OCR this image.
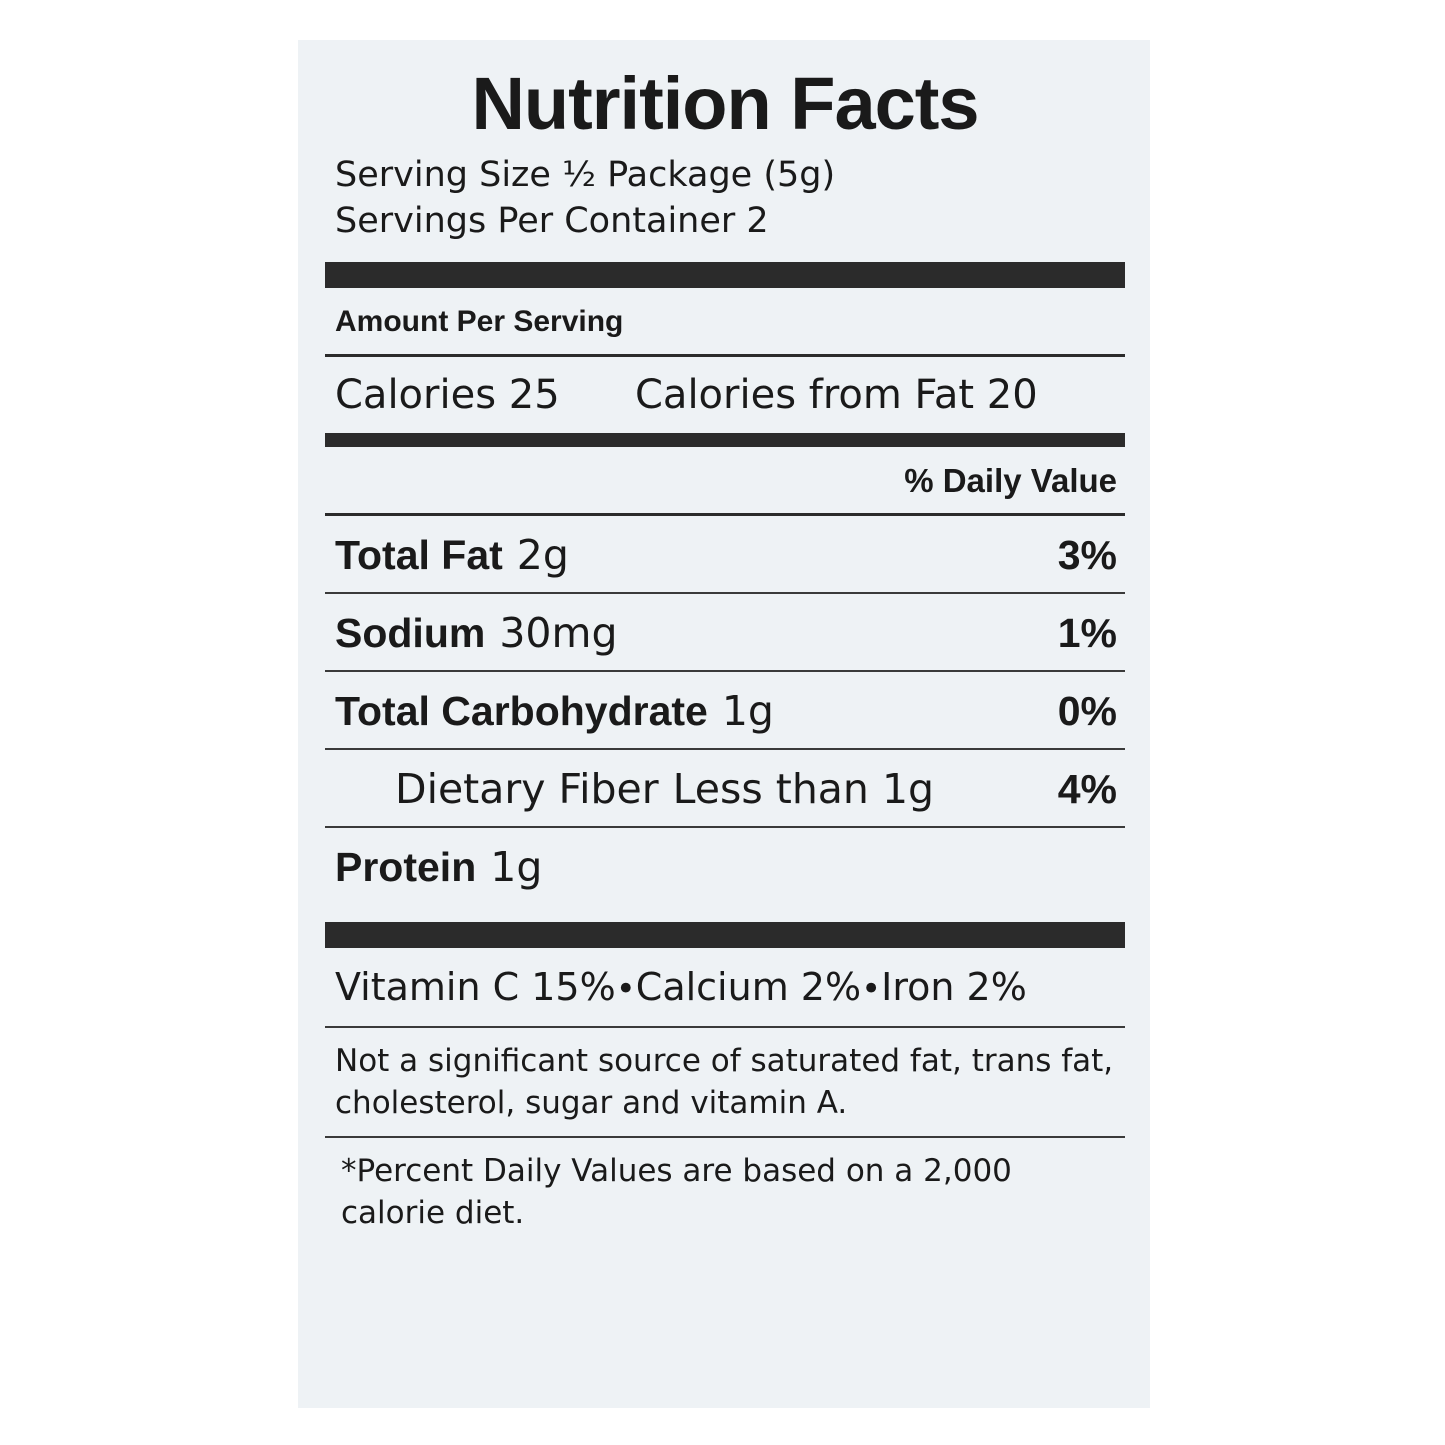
Nutrition Facts
Serving Size ½ Package (5g)
Servings Per Container 2
Amount Per Serving
Calories 25	Calories from Fat 20
% Daily Value
Total Fat 2g	3%
Sodium 30mg	1%
Total Carbohydrate 1g	0%
Dietary Fiber Less than 1g	4%
Protein 1g
Vitamin C 15%•Calcium 2%•Iron 2%
Not a significant source of saturated fat, trans fat, cholesterol, sugar and vitamin A.
*Percent Daily Values are based on a 2,000 calorie diet.
